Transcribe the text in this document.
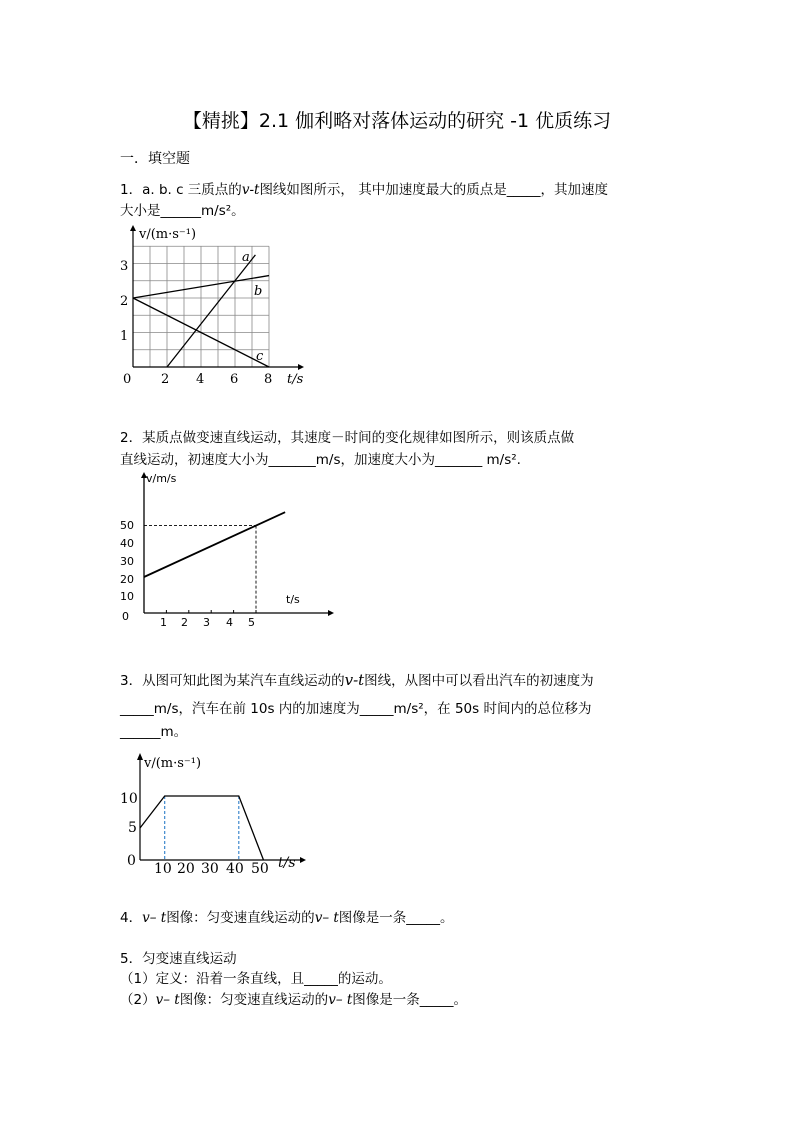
【精挑】2.1 伽利略对落体运动的研究 -1 优质练习
一．填空题
1．a. b. c 三质点的v-t图线如图所示， 其中加速度最大的质点是_____，其加速度
大小是______m/s²。
v/(m·s⁻¹)
t/s
0 2 4 6 8
1
2
3
a
b
c
2．某质点做变速直线运动，其速度－时间的变化规律如图所示，则该质点做
直线运动，初速度大小为_______m/s，加速度大小为_______ m/s².
v/m/s
t/s
0
10
20
30
40
50
1 2 3 4 5
3．从图可知此图为某汽车直线运动的v-t图线，从图中可以看出汽车的初速度为
_____m/s，汽车在前 10s 内的加速度为_____m/s²，在 50s 时间内的总位移为
______m。
v/(m·s⁻¹)
t/s
0
5
10
10 20 30 40 50
4．v– t图像：匀变速直线运动的v– t图像是一条_____。
5．匀变速直线运动
（1）定义：沿着一条直线，且_____的运动。
（2）v– t图像：匀变速直线运动的v– t图像是一条_____。
